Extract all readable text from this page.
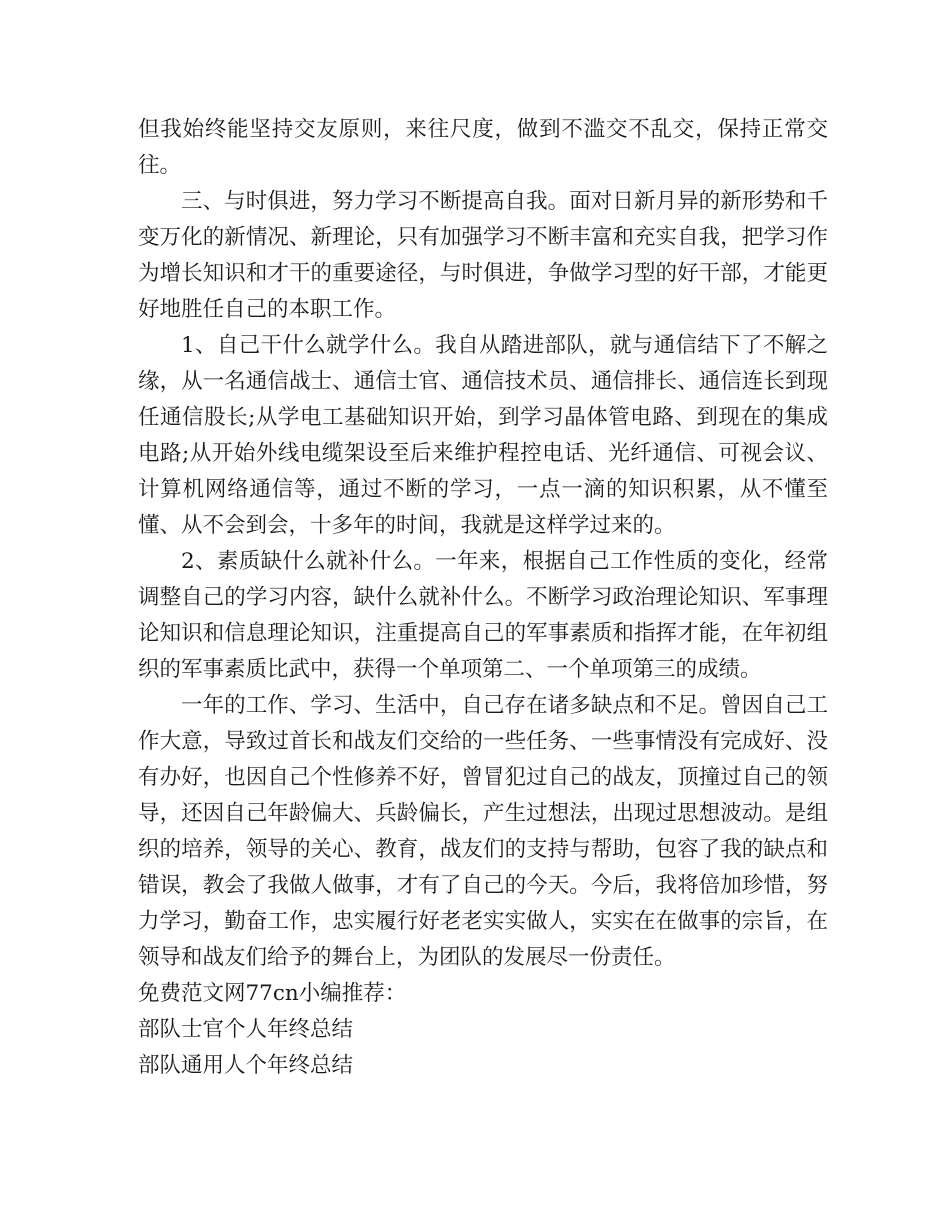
但我始终能坚持交友原则，来往尺度，做到不滥交不乱交，保持正常交往。

三、与时俱进，努力学习不断提高自我。面对日新月异的新形势和千变万化的新情况、新理论，只有加强学习不断丰富和充实自我，把学习作为增长知识和才干的重要途径，与时俱进，争做学习型的好干部，才能更好地胜任自己的本职工作。

1、自己干什么就学什么。我自从踏进部队，就与通信结下了不解之缘，从一名通信战士、通信士官、通信技术员、通信排长、通信连长到现任通信股长;从学电工基础知识开始，到学习晶体管电路、到现在的集成电路;从开始外线电缆架设至后来维护程控电话、光纤通信、可视会议、计算机网络通信等，通过不断的学习，一点一滴的知识积累，从不懂至懂、从不会到会，十多年的时间，我就是这样学过来的。

2、素质缺什么就补什么。一年来，根据自己工作性质的变化，经常调整自己的学习内容，缺什么就补什么。不断学习政治理论知识、军事理论知识和信息理论知识，注重提高自己的军事素质和指挥才能，在年初组织的军事素质比武中，获得一个单项第二、一个单项第三的成绩。

一年的工作、学习、生活中，自己存在诸多缺点和不足。曾因自己工作大意，导致过首长和战友们交给的一些任务、一些事情没有完成好、没有办好，也因自己个性修养不好，曾冒犯过自己的战友，顶撞过自己的领导，还因自己年龄偏大、兵龄偏长，产生过想法，出现过思想波动。是组织的培养，领导的关心、教育，战友们的支持与帮助，包容了我的缺点和错误，教会了我做人做事，才有了自己的今天。今后，我将倍加珍惜，努力学习，勤奋工作，忠实履行好老老实实做人，实实在在做事的宗旨，在领导和战友们给予的舞台上，为团队的发展尽一份责任。

免费范文网77cn小编推荐：

部队士官个人年终总结

部队通用人个年终总结
